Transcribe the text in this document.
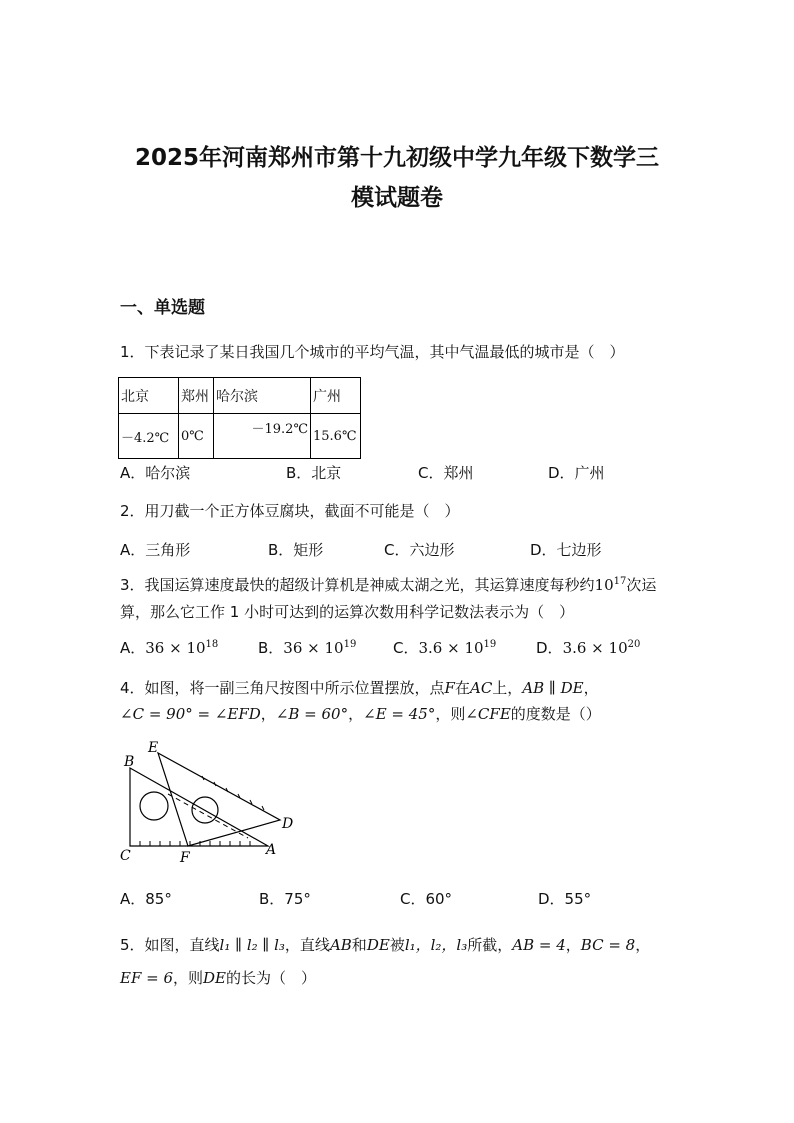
2025年河南郑州市第十九初级中学九年级下数学三
模试题卷
一、单选题
1．下表记录了某日我国几个城市的平均气温，其中气温最低的城市是（　）
北京	郑州	哈尔滨	广州
－4.2℃	0℃	－19.2℃	15.6℃
A．哈尔滨	B．北京	C．郑州	D．广州
2．用刀截一个正方体豆腐块，截面不可能是（　）
A．三角形	B．矩形	C．六边形	D．七边形
3．我国运算速度最快的超级计算机是神威太湖之光，其运算速度每秒约$10^{17}$次运
算，那么它工作 1 小时可达到的运算次数用科学记数法表示为（　）
A．$36 \times 10^{18}$	B．$36 \times 10^{19}$ C．$3.6 \times 10^{19}$	D．$3.6 \times 10^{20}$
4．如图，将一副三角尺按图中所示位置摆放，点F在AC上，AB ∥ DE，
∠C = 90° = ∠EFD，∠B = 60°，∠E = 45°，则∠CFE的度数是（）
E
B
D
C	F	A
A．85°	B．75°	C．60°	D．55°
5．如图，直线l₁ ∥ l₂ ∥ l₃，直线AB和DE被l₁，l₂，l₃所截，AB = 4，BC = 8，
EF = 6，则DE的长为（　）
